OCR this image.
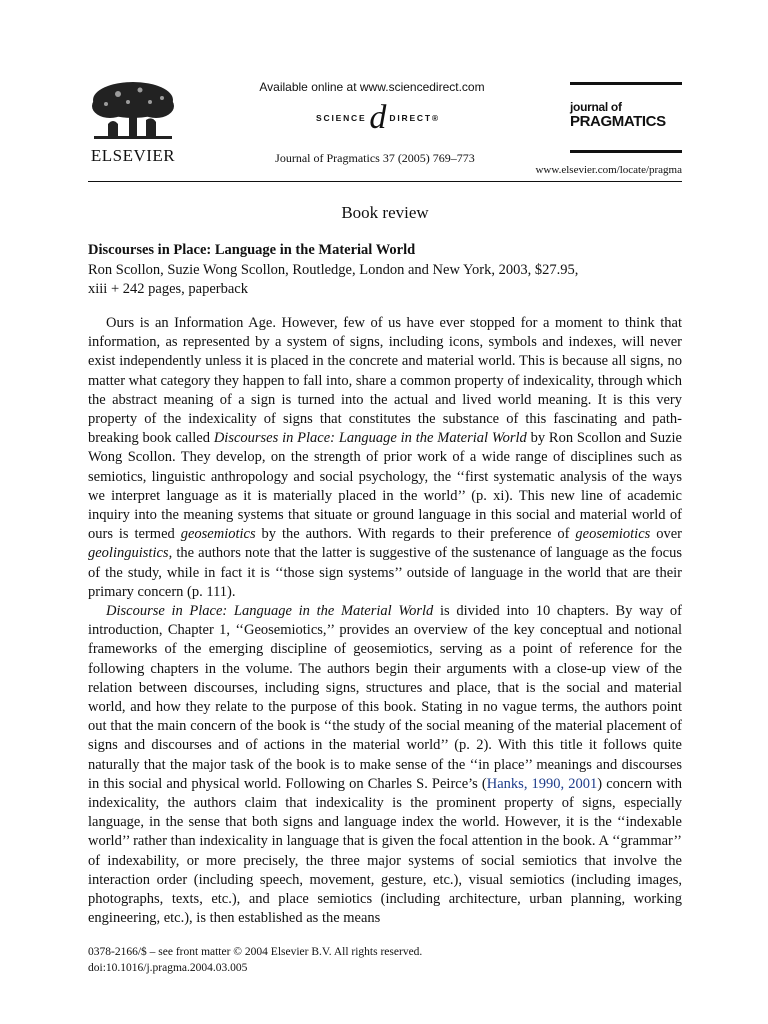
ELSEVIER
Available online at www.sciencedirect.com
SCIENCE d DIRECT ®
Journal of Pragmatics 37 (2005) 769–773
journal of
PRAGMATICS
www.elsevier.com/locate/pragma
Book review
Discourses in Place: Language in the Material World
Ron Scollon, Suzie Wong Scollon, Routledge, London and New York, 2003, $27.95,
xiii + 242 pages, paperback

Ours is an Information Age. However, few of us have ever stopped for a moment to think that information, as represented by a system of signs, including icons, symbols and indexes, will never exist independently unless it is placed in the concrete and material world. This is because all signs, no matter what category they happen to fall into, share a common property of indexicality, through which the abstract meaning of a sign is turned into the actual and lived world meaning. It is this very property of the indexicality of signs that constitutes the substance of this fascinating and path-breaking book called Discourses in Place: Language in the Material World by Ron Scollon and Suzie Wong Scollon. They develop, on the strength of prior work of a wide range of disciplines such as semiotics, linguistic anthropology and social psychology, the ‘‘first systematic analysis of the ways we interpret language as it is materially placed in the world’’ (p. xi). This new line of academic inquiry into the meaning systems that situate or ground language in this social and material world of ours is termed geosemiotics by the authors. With regards to their preference of geosemiotics over geolinguistics, the authors note that the latter is suggestive of the sustenance of language as the focus of the study, while in fact it is ‘‘those sign systems’’ outside of language in the world that are their primary concern (p. 111).

Discourse in Place: Language in the Material World is divided into 10 chapters. By way of introduction, Chapter 1, ‘‘Geosemiotics,’’ provides an overview of the key conceptual and notional frameworks of the emerging discipline of geosemiotics, serving as a point of reference for the following chapters in the volume. The authors begin their arguments with a close-up view of the relation between discourses, including signs, structures and place, that is the social and material world, and how they relate to the purpose of this book. Stating in no vague terms, the authors point out that the main concern of the book is ‘‘the study of the social meaning of the material placement of signs and discourses and of actions in the material world’’ (p. 2). With this title it follows quite naturally that the major task of the book is to make sense of the ‘‘in place’’ meanings and discourses in this social and physical world. Following on Charles S. Peirce’s (Hanks, 1990, 2001) concern with indexicality, the authors claim that indexicality is the prominent property of signs, especially language, in the sense that both signs and language index the world. However, it is the ‘‘indexable world’’ rather than indexicality in language that is given the focal attention in the book. A ‘‘grammar’’ of indexability, or more precisely, the three major systems of social semiotics that involve the interaction order (including speech, movement, gesture, etc.), visual semiotics (including images, photographs, texts, etc.), and place semiotics (including architecture, urban planning, working engineering, etc.), is then established as the means

0378-2166/$ – see front matter © 2004 Elsevier B.V. All rights reserved.
doi:10.1016/j.pragma.2004.03.005
